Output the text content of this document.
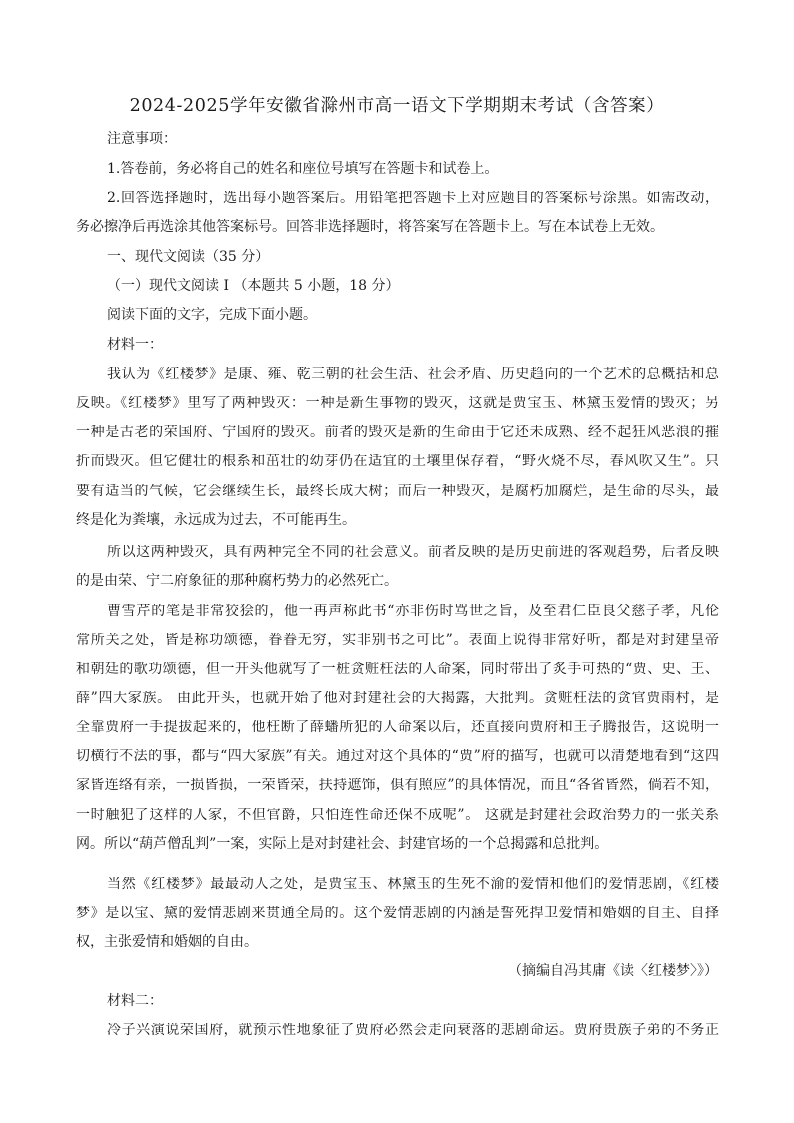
2024-2025学年安徽省滁州市高一语文下学期期末考试（含答案）
注意事项：
1.答卷前，务必将自己的姓名和座位号填写在答题卡和试卷上。
2.回答选择题时，选出每小题答案后。用铅笔把答题卡上对应题目的答案标号涂黑。如需改动，
务必擦净后再选涂其他答案标号。回答非选择题时，将答案写在答题卡上。写在本试卷上无效。
一、现代文阅读（35 分）
（一）现代文阅读 I （本题共 5 小题，18 分）
阅读下面的文字，完成下面小题。
材料一：
我认为《红楼梦》是康、雍、乾三朝的社会生活、社会矛盾、历史趋向的一个艺术的总概括和总
反映。《红楼梦》里写了两种毁灭：一种是新生事物的毁灭，这就是贾宝玉、林黛玉爱情的毁灭；另
一种是古老的荣国府、宁国府的毁灭。前者的毁灭是新的生命由于它还未成熟、经不起狂风恶浪的摧
折而毁灭。但它健壮的根系和茁壮的幼芽仍在适宜的土壤里保存着，“野火烧不尽，春风吹又生”。只
要有适当的气候，它会继续生长，最终长成大树；而后一种毁灭，是腐朽加腐烂，是生命的尽头，最
终是化为粪壤，永远成为过去，不可能再生。
所以这两种毁灭，具有两种完全不同的社会意义。前者反映的是历史前进的客观趋势，后者反映
的是由荣、宁二府象征的那种腐朽势力的必然死亡。
曹雪芹的笔是非常狡狯的，他一再声称此书“亦非伤时骂世之旨，及至君仁臣良父慈子孝，凡伦
常所关之处，皆是称功颂德，眷眷无穷，实非别书之可比”。表面上说得非常好听，都是对封建皇帝
和朝廷的歌功颂德，但一开头他就写了一桩贪赃枉法的人命案，同时带出了炙手可热的“贾、史、王、
薛”四大家族。 由此开头，也就开始了他对封建社会的大揭露，大批判。贪赃枉法的贪官贾雨村，是
全靠贾府一手提拔起来的，他枉断了薛蟠所犯的人命案以后，还直接向贾府和王子腾报告，这说明一
切横行不法的事，都与“四大家族”有关。通过对这个具体的“贾”府的描写，也就可以清楚地看到“这四
家皆连络有亲，一损皆损，一荣皆荣，扶持遮饰，俱有照应”的具体情况，而且“各省皆然，倘若不知，
一时触犯了这样的人家，不但官爵，只怕连性命还保不成呢”。 这就是封建社会政治势力的一张关系
网。所以“葫芦僧乱判”一案，实际上是对封建社会、封建官场的一个总揭露和总批判。
当然《红楼梦》最最动人之处，是贾宝玉、林黛玉的生死不渝的爱情和他们的爱情悲剧，《红楼
梦》是以宝、黛的爱情悲剧来贯通全局的。这个爱情悲剧的内涵是誓死捍卫爱情和婚姻的自主、自择
权，主张爱情和婚姻的自由。
（摘编自冯其庸《读〈红楼梦〉》）
材料二：
冷子兴演说荣国府，就预示性地象征了贾府必然会走向衰落的悲剧命运。贾府贵族子弟的不务正
